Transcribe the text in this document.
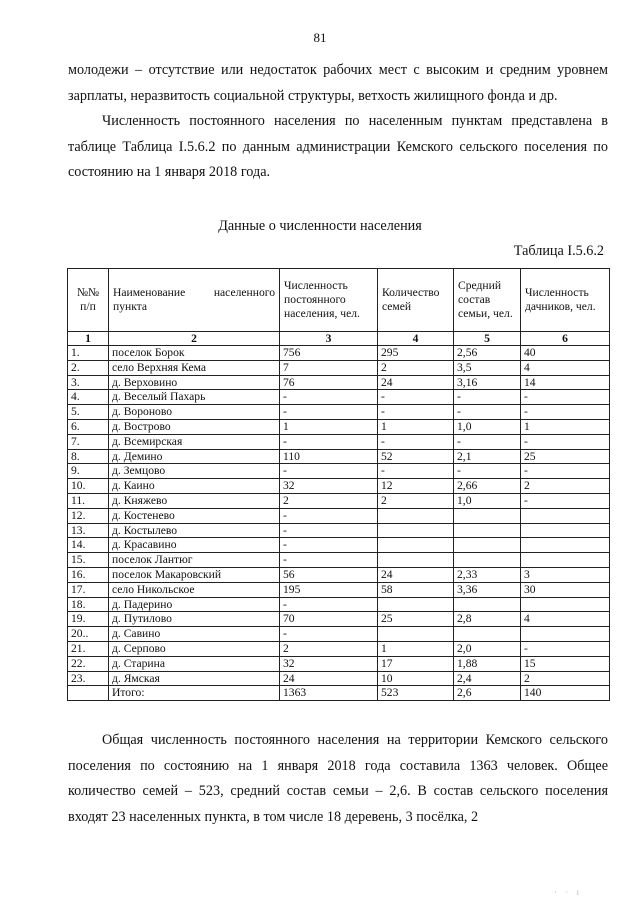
81

молодежи – отсутствие или недостаток рабочих мест с высоким и средним уровнем зарплаты, неразвитость социальной структуры, ветхость жилищного фонда и др.

Численность постоянного населения по населенным пунктам представлена в таблице Таблица I.5.6.2 по данным администрации Кемского сельского поселения по состоянию на 1 января 2018 года.

Данные о численности населения
Таблица I.5.6.2
№№ п/п	Наименование населенного пункта	Численность постоянного населения, чел.	Количество семей	Средний состав семьи, чел.	Численность дачников, чел.
1	2	3	4	5	6
1.	поселок Борок	756	295	2,56	40
2.	село Верхняя Кема	7	2	3,5	4
3.	д. Верховино	76	24	3,16	14
4.	д. Веселый Пахарь	-	-	-	-
5.	д. Вороново	-	-	-	-
6.	д. Вострово	1	1	1,0	1
7.	д. Всемирская	-	-	-	-
8.	д. Демино	110	52	2,1	25
9.	д. Земцово	-	-	-	-
10.	д. Каино	32	12	2,66	2
11.	д. Княжево	2	2	1,0	-
12.	д. Костенево	-			
13.	д. Костылево	-			
14.	д. Красавино	-			
15.	поселок Лантюг	-			
16.	поселок Макаровский	56	24	2,33	3
17.	село Никольское	195	58	3,36	30
18.	д. Падерино	-			
19.	д. Путилово	70	25	2,8	4
20..	д. Савино	-			
21.	д. Серпово	2	1	2,0	-
22.	д. Старина	32	17	1,88	15
23.	д. Ямская	24	10	2,4	2
	Итого:	1363	523	2,6	140

Общая численность постоянного населения на территории Кемского сельского поселения по состоянию на 1 января 2018 года составила 1363 человек. Общее количество семей – 523, средний состав семьи – 2,6. В состав сельского поселения входят 23 населенных пункта, в том числе 18 деревень, 3 посёлка, 2

· · ı
